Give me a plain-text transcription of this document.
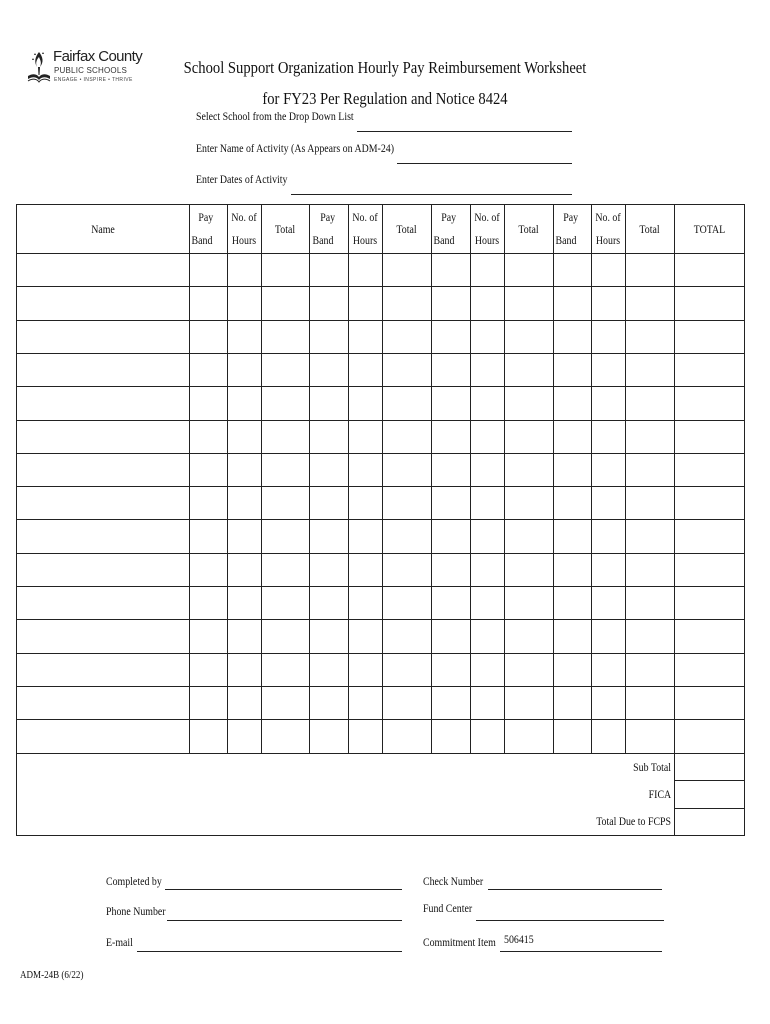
Fairfax County
PUBLIC SCHOOLS
ENGAGE • INSPIRE • THRIVE
School Support Organization Hourly Pay Reimbursement Worksheet
for FY23 Per Regulation and Notice 8424
Select School from the Drop Down List
Enter Name of Activity (As Appears on ADM-24)
Enter Dates of Activity
Name
Pay
Band
No. of
Hours
Total
Pay
Band
No. of
Hours
Total
Pay
Band
No. of
Hours
Total
Pay
Band
No. of
Hours
Total	TOTAL
Sub Total
FICA
Total Due to FCPS
Completed by
Phone Number
E-mail
Check Number
Fund Center
Commitment Item 506415
ADM-24B (6/22)
